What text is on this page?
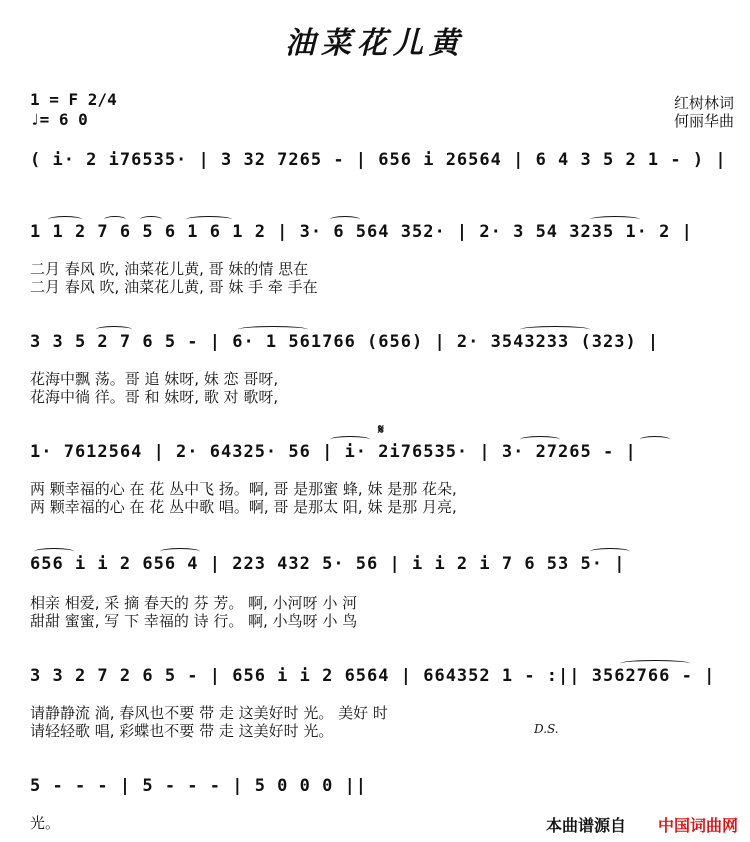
油菜花儿黄
1 = F 2/4
♩= 6 0
红树林词
何丽华曲
( i· 2 i76535· | 3 32 7265 - | 656 i 26564 | 6 4 3 5 2 1 - ) |
1 1 2 7 6 5 6 1 6 1 2 | 3· 6 564 352· | 2· 3 54 3235 1· 2 |
二月 春风 吹, 油菜花儿黄, 哥 妹的情 思在
二月 春风 吹, 油菜花儿黄, 哥 妹 手 牵 手在
3 3 5 2 7 6 5 - | 6· 1 561766 (656) | 2· 3543233 (323) |
花海中飘 荡。哥 追 妹呀, 妹 恋 哥呀,
花海中徜 徉。哥 和 妹呀, 歌 对 歌呀,
𝄋
1· 7612564 | 2· 64325· 56 | i· 2i76535· | 3· 27265 - |
两 颗幸福的心 在 花 丛中飞 扬。啊, 哥 是那蜜 蜂, 妹 是那 花朵,
两 颗幸福的心 在 花 丛中歌 唱。啊, 哥 是那太 阳, 妹 是那 月亮,
656 i i 2 656 4 | 223 432 5· 56 | i i 2 i 7 6 53 5· |
相亲 相爱, 采 摘 春天的 芬 芳。 啊, 小河呀 小 河
甜甜 蜜蜜, 写 下 幸福的 诗 行。 啊, 小鸟呀 小 鸟
3 3 2 7 2 6 5 - | 656 i i 2 6564 | 664352 1 - :|| 3562766 - |
请静静流 淌, 春风也不要 带 走 这美好时 光。 美好 时
请轻轻歌 唱, 彩蝶也不要 带 走 这美好时 光。	D.S.
5 - - - | 5 - - - | 5 0 0 0 ||
光。	本曲谱源自 中国词曲网
